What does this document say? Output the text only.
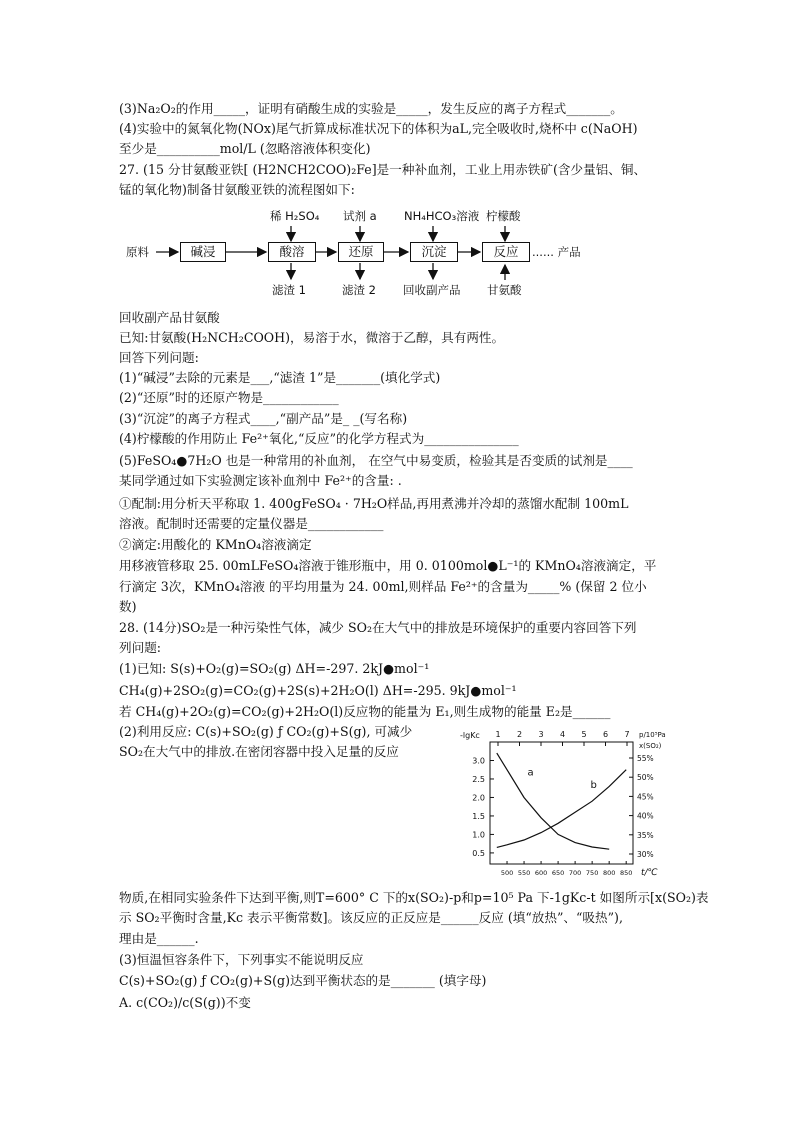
(3)Na₂O₂的作用_____，证明有硝酸生成的实验是_____，发生反应的离子方程式_______。
(4)实验中的氮氧化物(NOx)尾气折算成标准状况下的体积为aL,完全吸收时,烧杯中 c(NaOH)
至少是__________mol/L (忽略溶液体积变化)
27. (15 分甘氨酸亚铁[ (H2NCH2COO)₂Fe]是一种补血剂，工业上用赤铁矿(含少量铝、铜、
锰的氧化物)制备甘氨酸亚铁的流程图如下:
原料	碱浸	酸溶	还原	沉淀	反应	...... 产品
稀 H₂SO₄ 试剂 a NH₄HCO₃溶液 柠檬酸
滤渣 1	滤渣 2 回收副产品 甘氨酸
回收副产品甘氨酸
已知:甘氨酸(H₂NCH₂COOH)，易溶于水，微溶于乙醇，具有两性。
回答下列问题:
(1)“碱浸”去除的元素是___,“滤渣 1”是_______(填化学式)
(2)“还原”时的还原产物是____________
(3)“沉淀”的离子方程式____,“副产品”是_ _(写名称)
(4)柠檬酸的作用防止 Fe²⁺氧化,“反应”的化学方程式为_______________
(5)FeSO₄●7H₂O 也是一种常用的补血剂， 在空气中易变质，检验其是否变质的试剂是____
某同学通过如下实验测定该补血剂中 Fe²⁺的含量: .
①配制:用分析天平称取 1. 400gFeSO₄ · 7H₂O样品,再用煮沸并冷却的蒸馏水配制 100mL
溶液。配制时还需要的定量仪器是____________
②滴定:用酸化的 KMnO₄溶液滴定
用移液管移取 25. 00mLFeSO₄溶液于锥形瓶中，用 0. 0100mol●L⁻¹的 KMnO₄溶液滴定，平
行滴定 3次，KMnO₄溶液 的平均用量为 24. 00ml,则样品 Fe²⁺的含量为_____% (保留 2 位小
数)
28. (14分)SO₂是一种污染性气体，减少 SO₂在大气中的排放是环境保护的重要内容回答下列
列问题:
(1)已知: S(s)+O₂(g)=SO₂(g) ΔH=-297. 2kJ●mol⁻¹
CH₄(g)+2SO₂(g)=CO₂(g)+2S(s)+2H₂O(l) ΔH=-295. 9kJ●mol⁻¹
若 CH₄(g)+2O₂(g)=CO₂(g)+2H₂O(l)反应物的能量为 E₁,则生成物的能量 E₂是______
(2)利用反应: C(s)+SO₂(g) ƒ CO₂(g)+S(g), 可减少
SO₂在大气中的排放.在密闭容器中投入足量的反应
1 2 3 4 5 6 7
-lgKc	p/10⁵Pa
x(SO₂)
3.0
2.5
2.0
1.5
1.0
0.5
55%
50%
45%
40%
35%
30%
500 550 600 650 700 750 800 850 t/℃
a
b
物质,在相同实验条件下达到平衡,则T=600° C 下的x(SO₂)-p和p=10⁵ Pa 下-1gKc-t 如图所示[x(SO₂)表
示 SO₂平衡时含量,Kc 表示平衡常数]。该反应的正反应是______反应 (填“放热”、“吸热”),
理由是______.
(3)恒温恒容条件下，下列事实不能说明反应
C(s)+SO₂(g) ƒ CO₂(g)+S(g)达到平衡状态的是_______ (填字母)
A. c(CO₂)/c(S(g))不变
